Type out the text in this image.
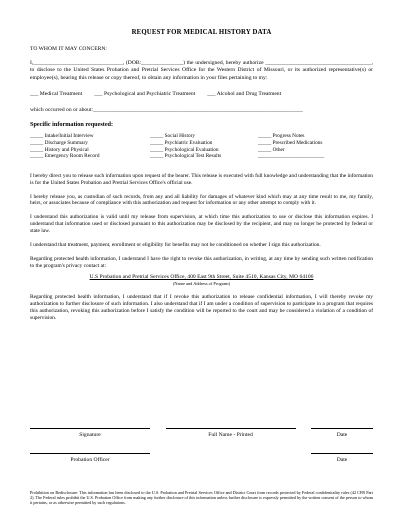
REQUEST FOR MEDICAL HISTORY DATA

TO WHOM IT MAY CONCERN:

I,________________________________, (DOB:_______________) the undersigned, hereby authorize ______________________________________, to disclose to the United States Probation and Pretrial Services Office for the Western District of Missouri, or its authorized representative(s) or employee(s), bearing this release or copy thereof, to obtain any information in your files pertaining to my:

___ Medical Treatment ___ Psychological and Psychiatric Treatment ___ Alcohol and Drug Treatment
which occurred on or about:___________________________________________________________________________
Specific information requested:
_____ Intake/Initial Interview
_____ Discharge Summary
_____ History and Physical
_____ Emergency Room Record
_____ Social History
_____ Psychiatric Evaluation
_____ Psychological Evaluation
_____ Psychological Test Results
_____ Progress Notes
_____ Prescribed Medications
_____ Other
_________________________

I hereby direct you to release such information upon request of the bearer. This release is executed with full knowledge and understanding that the information is for the United States Probation and Pretrial Services Office's official use.

I hereby release you, as custodian of such records, from any and all liability for damages of whatever kind which may at any time result to me, my family, heirs, or associates because of compliance with this authorization and request for information or any other attempt to comply with it.

I understand this authorization is valid until my release from supervision, at which time this authorization to use or disclose this information expires. I understand that information used or disclosed pursuant to this authorization may be disclosed by the recipient, and may no longer be protected by federal or state law.

I understand that treatment, payment, enrollment or eligibility for benefits may not be conditioned on whether I sign this authorization.

Regarding protected health information, I understand I have the right to revoke this authorization, in writing, at any time by sending such written notification to the program's privacy contact at:

U.S Probation and Pretrial Services Office, 400 East 9th Street, Suite 4510, Kansas City, MO 64106
(Name and Address of Program)

Regarding protected health information, I understand that if I revoke this authorization to release confidential information, I will thereby revoke my authorization to further disclosure of such information. I also understand that if I am under a condition of supervision to participate in a program that requires this authorization, revoking this authorization before I satisfy the condition will be reported to the court and may be considered a violation of a condition of supervision.

Signature	Full Name - Printed	Date
Probation Officer	Date
Prohibition on Redisclosure: This information has been disclosed to the U.S. Probation and Pretrial Services Office and District Court from records protected by Federal confidentiality rules (42 CFR Part 2). The Federal rules prohibit the U.S. Probation Office from making any further disclosure of this information unless further disclosure is expressly permitted by the written consent of the person to whom it pertains, or as otherwise permitted by such regulations.
